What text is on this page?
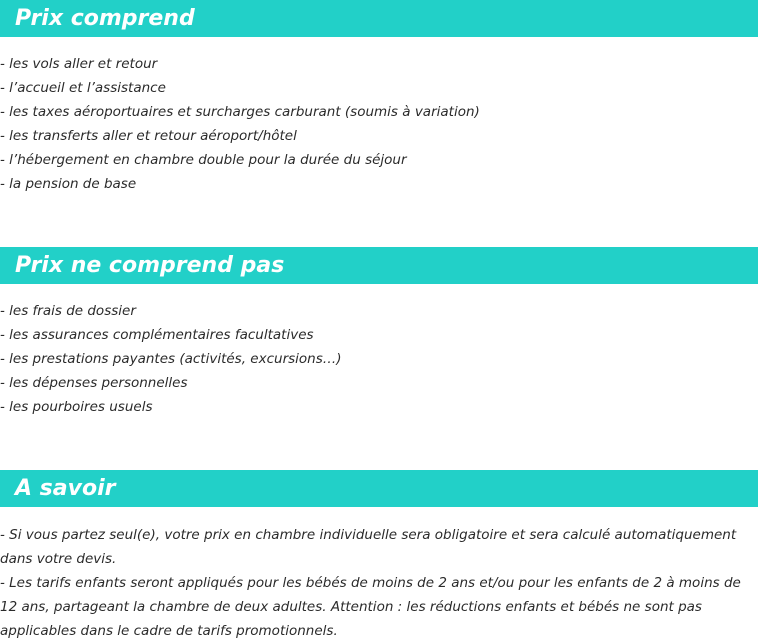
Prix comprend
- les vols aller et retour
- l’accueil et l’assistance
- les taxes aéroportuaires et surcharges carburant (soumis à variation)
- les transferts aller et retour aéroport/hôtel
- l’hébergement en chambre double pour la durée du séjour
- la pension de base
Prix ne comprend pas
- les frais de dossier
- les assurances complémentaires facultatives
- les prestations payantes (activités, excursions…)
- les dépenses personnelles
- les pourboires usuels
A savoir

- Si vous partez seul(e), votre prix en chambre individuelle sera obligatoire et sera calculé automatiquement dans votre devis.

- Les tarifs enfants seront appliqués pour les bébés de moins de 2 ans et/ou pour les enfants de 2 à moins de 12 ans, partageant la chambre de deux adultes. Attention : les réductions enfants et bébés ne sont pas applicables dans le cadre de tarifs promotionnels.
